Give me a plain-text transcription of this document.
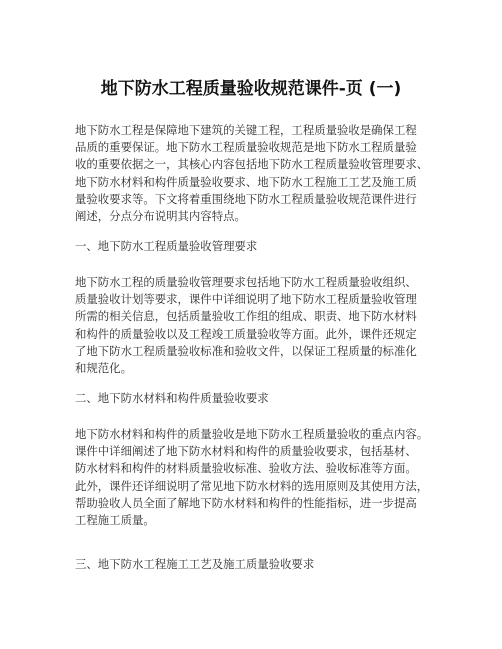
地下防水工程质量验收规范课件-页 (一)
地下防水工程是保障地下建筑的关键工程，工程质量验收是确保工程
品质的重要保证。地下防水工程质量验收规范是地下防水工程质量验
收的重要依据之一，其核心内容包括地下防水工程质量验收管理要求、
地下防水材料和构件质量验收要求、地下防水工程施工工艺及施工质
量验收要求等。下文将着重围绕地下防水工程质量验收规范课件进行
阐述，分点分布说明其内容特点。
一、地下防水工程质量验收管理要求
地下防水工程的质量验收管理要求包括地下防水工程质量验收组织、
质量验收计划等要求，课件中详细说明了地下防水工程质量验收管理
所需的相关信息，包括质量验收工作组的组成、职责、地下防水材料
和构件的质量验收以及工程竣工质量验收等方面。此外，课件还规定
了地下防水工程质量验收标准和验收文件，以保证工程质量的标准化
和规范化。
二、地下防水材料和构件质量验收要求
地下防水材料和构件的质量验收是地下防水工程质量验收的重点内容。
课件中详细阐述了地下防水材料和构件的质量验收要求，包括基材、
防水材料和构件的材料质量验收标准、验收方法、验收标准等方面。
此外，课件还详细说明了常见地下防水材料的选用原则及其使用方法，
帮助验收人员全面了解地下防水材料和构件的性能指标，进一步提高
工程施工质量。
三、地下防水工程施工工艺及施工质量验收要求
